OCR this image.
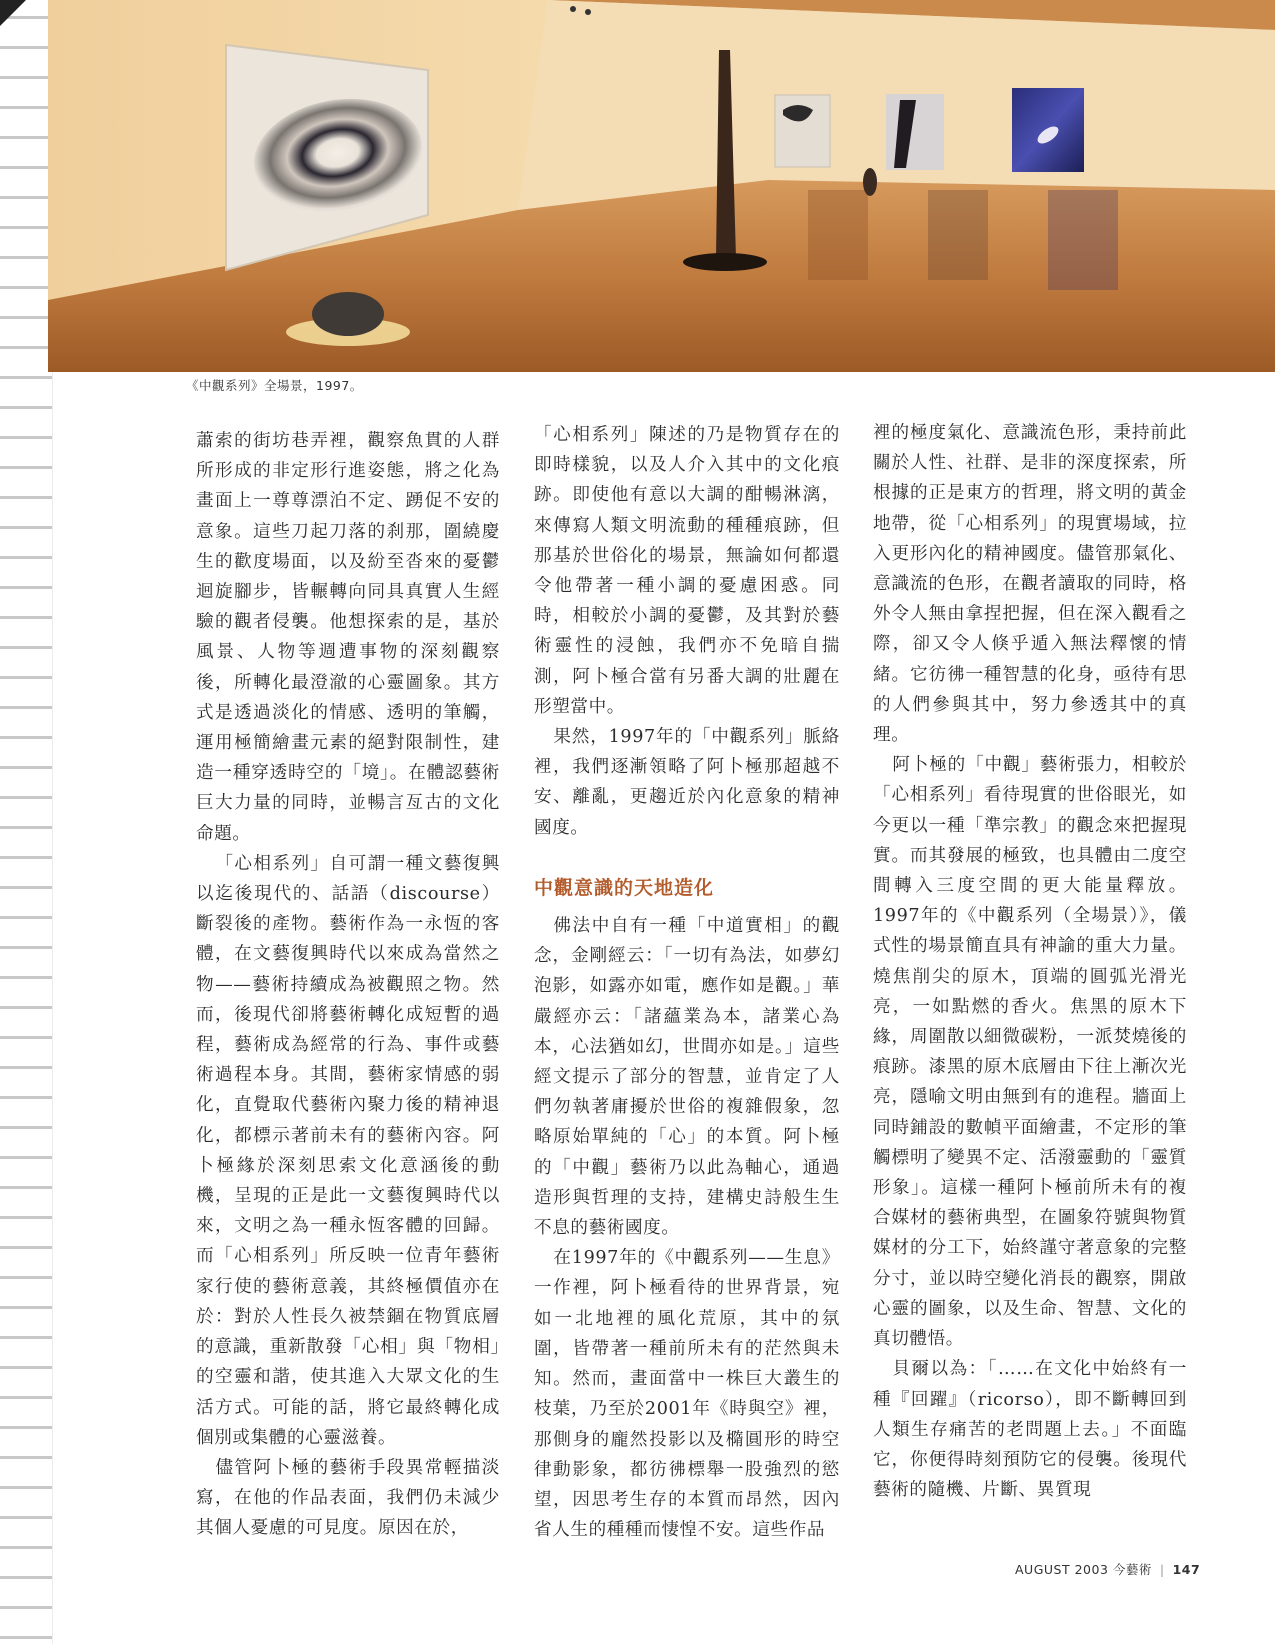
《中觀系列》全場景，1997。

蕭索的街坊巷弄裡，觀察魚貫的人群所形成的非定形行進姿態，將之化為畫面上一尊尊漂泊不定、踴促不安的意象。這些刀起刀落的刹那，圍繞慶生的歡度場面，以及紛至沓來的憂鬱迴旋腳步，皆輾轉向同具真實人生經驗的觀者侵襲。他想探索的是，基於風景、人物等週遭事物的深刻觀察後，所轉化最澄澈的心靈圖象。其方式是透過淡化的情感、透明的筆觸，運用極簡繪畫元素的絕對限制性，建造一種穿透時空的「境」。在體認藝術巨大力量的同時，並暢言亙古的文化命題。

「心相系列」自可謂一種文藝復興以迄後現代的、話語（discourse）斷裂後的產物。藝術作為一永恆的客體，在文藝復興時代以來成為當然之物——藝術持續成為被觀照之物。然而，後現代卻將藝術轉化成短暫的過程，藝術成為經常的行為、事件或藝術過程本身。其間，藝術家情感的弱化，直覺取代藝術內聚力後的精神退化，都標示著前未有的藝術內容。阿卜極緣於深刻思索文化意涵後的動機，呈現的正是此一文藝復興時代以來，文明之為一種永恆客體的回歸。而「心相系列」所反映一位青年藝術家行使的藝術意義，其終極價值亦在於：對於人性長久被禁錮在物質底層的意識，重新散發「心相」與「物相」的空靈和諧，使其進入大眾文化的生活方式。可能的話，將它最終轉化成個別或集體的心靈滋養。

儘管阿卜極的藝術手段異常輕描淡寫，在他的作品表面，我們仍未減少其個人憂慮的可見度。原因在於，

「心相系列」陳述的乃是物質存在的即時樣貌，以及人介入其中的文化痕跡。即使他有意以大調的酣暢淋漓，來傳寫人類文明流動的種種痕跡，但那基於世俗化的場景，無論如何都還令他帶著一種小調的憂慮困惑。同時，相較於小調的憂鬱，及其對於藝術靈性的浸蝕，我們亦不免暗自揣測，阿卜極合當有另番大調的壯麗在形塑當中。

果然，1997年的「中觀系列」脈絡裡，我們逐漸領略了阿卜極那超越不安、離亂，更趨近於內化意象的精神國度。

中觀意識的天地造化

佛法中自有一種「中道實相」的觀念，金剛經云：「一切有為法，如夢幻泡影，如露亦如電，應作如是觀。」華嚴經亦云：「諸蘊業為本，諸業心為本，心法猶如幻，世間亦如是。」這些經文提示了部分的智慧，並肯定了人們勿執著庸擾於世俗的複雜假象，忽略原始單純的「心」的本質。阿卜極的「中觀」藝術乃以此為軸心，通過造形與哲理的支持，建構史詩般生生不息的藝術國度。

在1997年的《中觀系列——生息》一作裡，阿卜極看待的世界背景，宛如一北地裡的風化荒原，其中的氛圍，皆帶著一種前所未有的茫然與未知。然而，畫面當中一株巨大叢生的枝葉，乃至於2001年《時與空》裡，那側身的龐然投影以及橢圓形的時空律動影象，都彷彿標舉一股強烈的慾望，因思考生存的本質而昂然，因內省人生的種種而悽惶不安。這些作品

裡的極度氣化、意識流色形，秉持前此關於人性、社群、是非的深度探索，所根據的正是東方的哲理，將文明的黃金地帶，從「心相系列」的現實場域，拉入更形內化的精神國度。儘管那氣化、意識流的色形，在觀者讀取的同時，格外令人無由拿捏把握，但在深入觀看之際，卻又令人倏乎遁入無法釋懷的情緒。它彷彿一種智慧的化身，亟待有思的人們參與其中，努力參透其中的真理。

阿卜極的「中觀」藝術張力，相較於「心相系列」看待現實的世俗眼光，如今更以一種「準宗教」的觀念來把握現實。而其發展的極致，也具體由二度空間轉入三度空間的更大能量釋放。1997年的《中觀系列（全場景）》，儀式性的場景簡直具有神諭的重大力量。燒焦削尖的原木，頂端的圓弧光滑光亮，一如點燃的香火。焦黑的原木下緣，周圍散以細微碳粉，一派焚燒後的痕跡。漆黑的原木底層由下往上漸次光亮，隱喻文明由無到有的進程。牆面上同時鋪設的數幀平面繪畫，不定形的筆觸標明了變異不定、活潑靈動的「靈質形象」。這樣一種阿卜極前所未有的複合媒材的藝術典型，在圖象符號與物質媒材的分工下，始終謹守著意象的完整分寸，並以時空變化消長的觀察，開啟心靈的圖象，以及生命、智慧、文化的真切體悟。

貝爾以為：「……在文化中始終有一種『回躍』（ricorso），即不斷轉回到人類生存痛苦的老問題上去。」不面臨它，你便得時刻預防它的侵襲。後現代藝術的隨機、片斷、異質現

AUGUST 2003 今藝術 | 147
